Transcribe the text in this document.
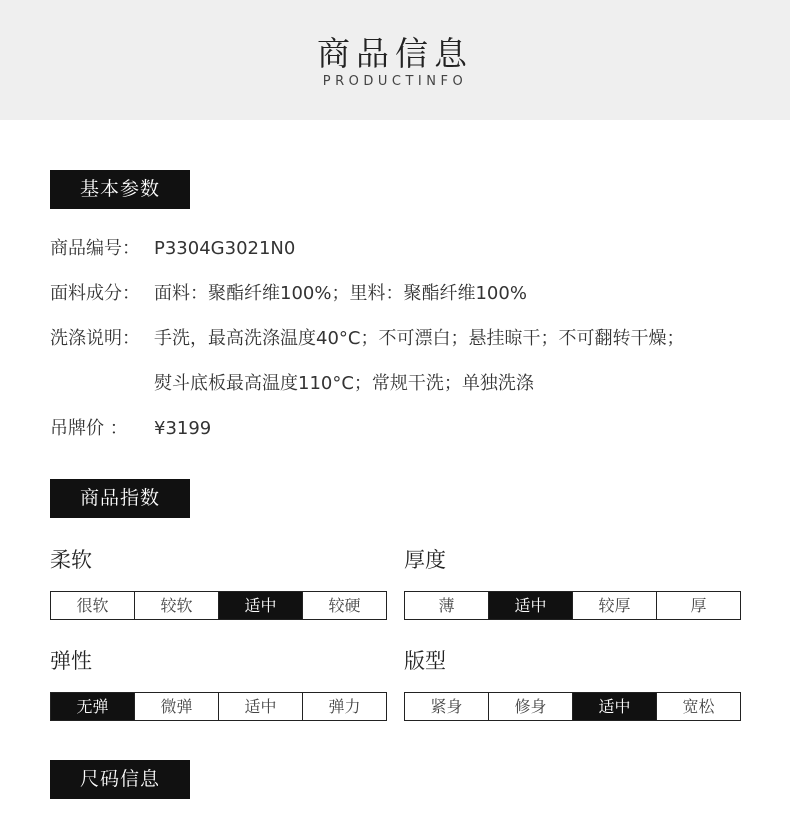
商品信息
PRODUCTINFO
基本参数
商品编号： P3304G3021N0
面料成分： 面料：聚酯纤维100%；里料：聚酯纤维100%
洗涤说明： 手洗，最高洗涤温度40°C；不可漂白；悬挂晾干；不可翻转干燥；
熨斗底板最高温度110°C；常规干洗；单独洗涤
吊牌价 ： ¥3199
商品指数
柔软
很软	较软	适中	较硬
厚度
薄	适中	较厚	厚
弹性
无弹	微弹	适中	弹力
版型
紧身	修身	适中	宽松
尺码信息
